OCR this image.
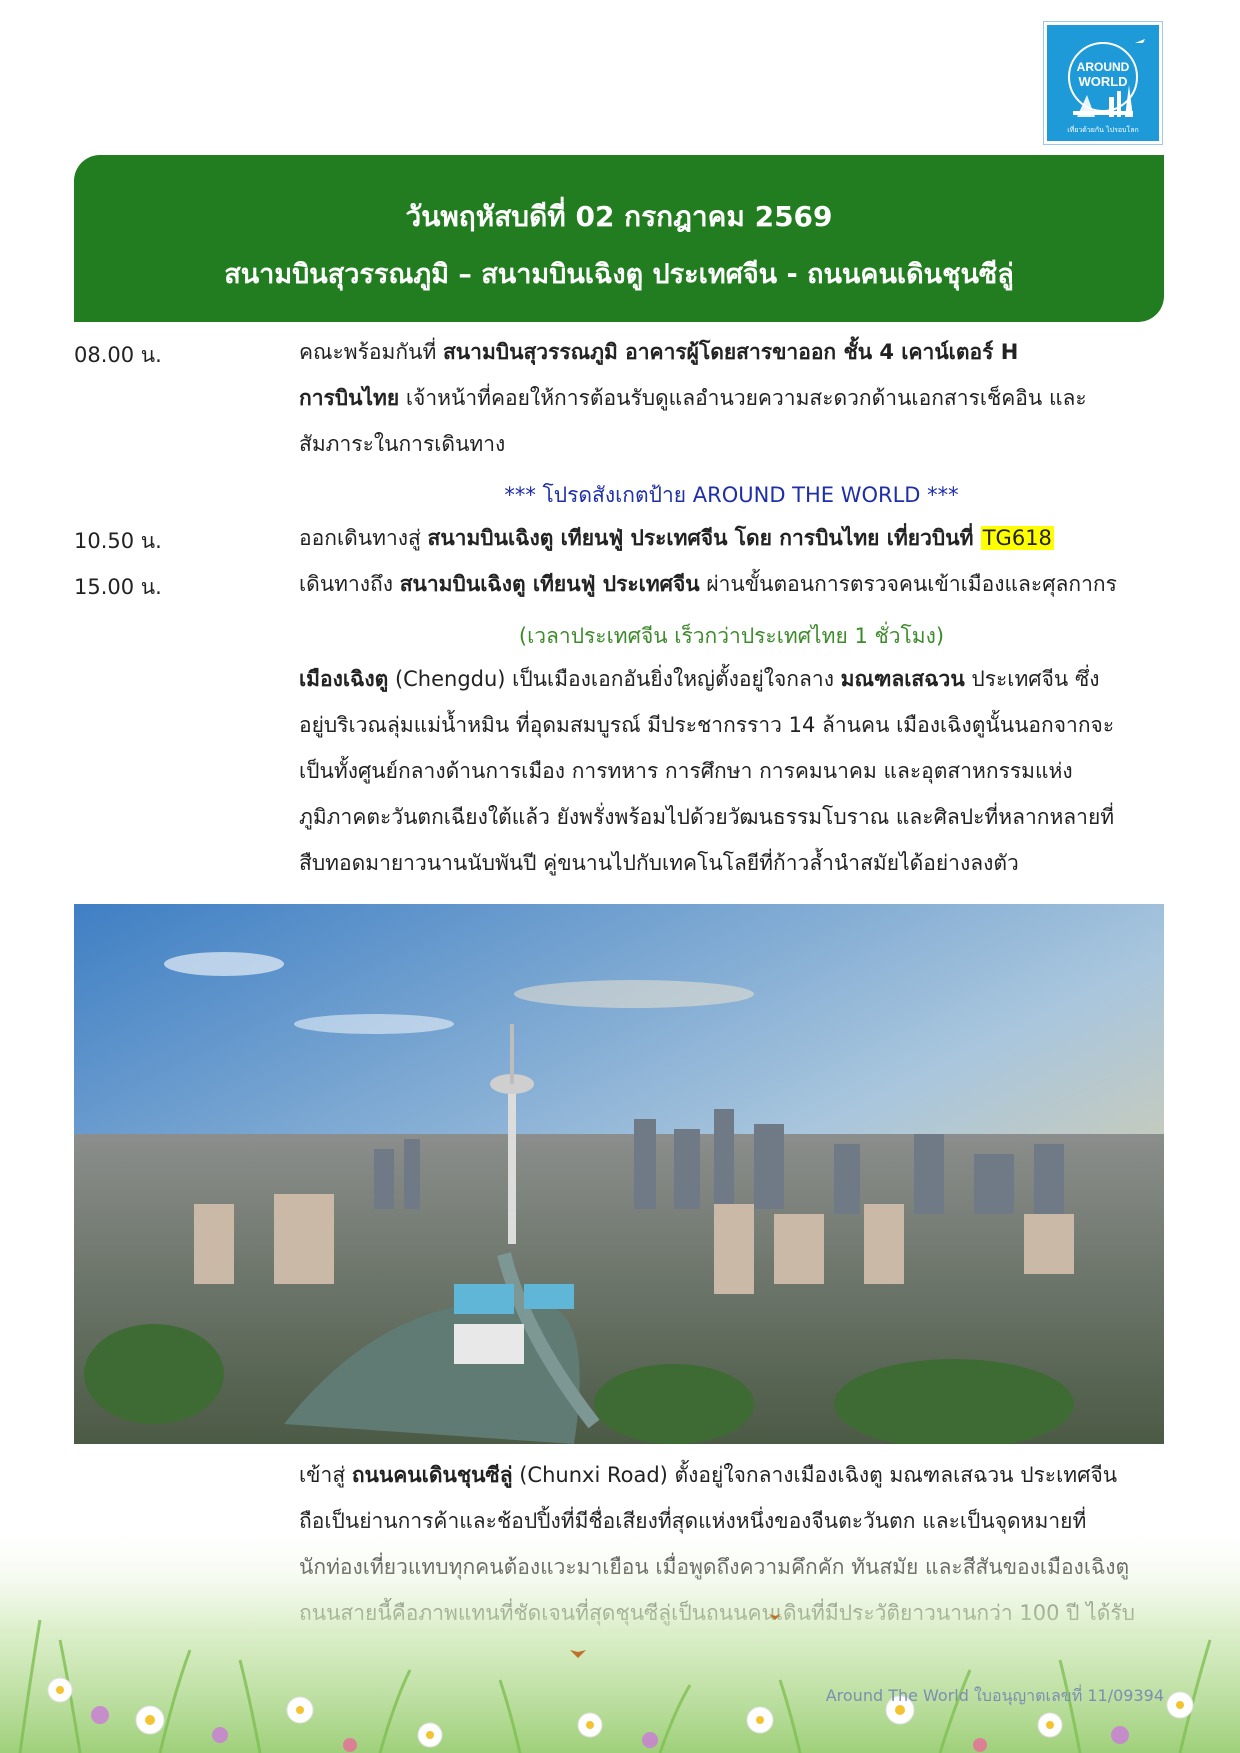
AROUND
WORLD
เที่ยวด้วยกัน ไปรอบโลก
วันพฤหัสบดีที่ 02 กรกฎาคม 2569
สนามบินสุวรรณภูมิ – สนามบินเฉิงตู ประเทศจีน - ถนนคนเดินชุนซีลู่
08.00 น.	คณะพร้อมกันที่ สนามบินสุวรรณภูมิ อาคารผู้โดยสารขาออก ชั้น 4 เคาน์เตอร์ H
การบินไทย เจ้าหน้าที่คอยให้การต้อนรับดูแลอำนวยความสะดวกด้านเอกสารเช็คอิน และ
สัมภาระในการเดินทาง
*** โปรดสังเกตป้าย AROUND THE WORLD ***
10.50 น.	ออกเดินทางสู่ สนามบินเฉิงตู เทียนฟู่ ประเทศจีน โดย การบินไทย เที่ยวบินที่ TG618
15.00 น.	เดินทางถึง สนามบินเฉิงตู เทียนฟู่ ประเทศจีน ผ่านขั้นตอนการตรวจคนเข้าเมืองและศุลกากร
(เวลาประเทศจีน เร็วกว่าประเทศไทย 1 ชั่วโมง)
เมืองเฉิงตู (Chengdu) เป็นเมืองเอกอันยิ่งใหญ่ตั้งอยู่ใจกลาง มณฑลเสฉวน ประเทศจีน ซึ่ง
อยู่บริเวณลุ่มแม่น้ำหมิน ที่อุดมสมบูรณ์ มีประชากรราว 14 ล้านคน เมืองเฉิงตูนั้นนอกจากจะ
เป็นทั้งศูนย์กลางด้านการเมือง การทหาร การศึกษา การคมนาคม และอุตสาหกรรมแห่ง
ภูมิภาคตะวันตกเฉียงใต้แล้ว ยังพรั่งพร้อมไปด้วยวัฒนธรรมโบราณ และศิลปะที่หลากหลายที่
สืบทอดมายาวนานนับพันปี คู่ขนานไปกับเทคโนโลยีที่ก้าวล้ำนำสมัยได้อย่างลงตัว
เข้าสู่ ถนนคนเดินชุนซีลู่ (Chunxi Road) ตั้งอยู่ใจกลางเมืองเฉิงตู มณฑลเสฉวน ประเทศจีน

Around The World ใบอนุญาตเลขที่ 11/09394
